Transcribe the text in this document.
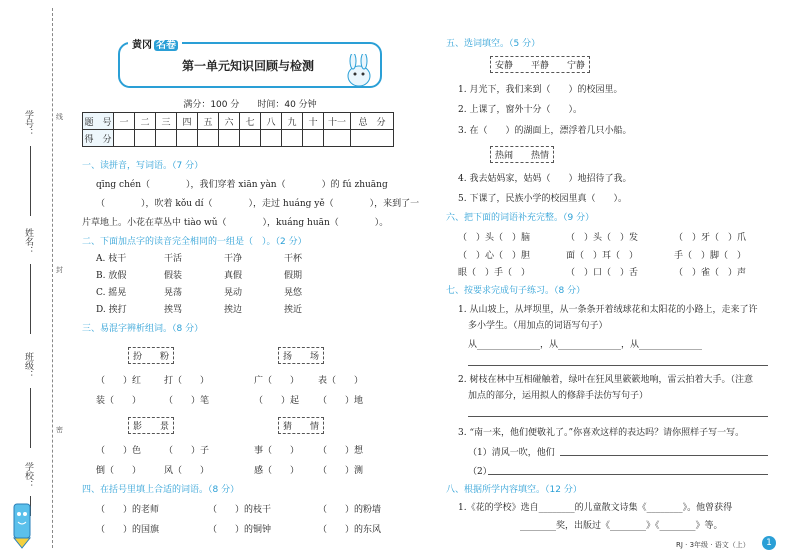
线
封
密
学号：
姓名：
班级：
学校：
黄冈 名卷
第一单元知识回顾与检测
满分：100 分　　时间：40 分钟
题　号	一	二	三	四	五	六	七	八	九	十	十一	总　分
得　分												
一、读拼音，写词语。（7 分）
qīng chén（　　　　），我们穿着 xiān yàn（　　　　）的 fú zhuāng
（　　　　），吹着 kǒu dí（　　　　），走过 huáng yě（　　　　），来到了一
片草地上。小花在草丛中 tiào wǔ（　　　　），kuáng huān（　　　　）。
二、下面加点字的读音完全相同的一组是（　）。（2 分）
A. 枝干	干活	干净	干杯
B. 放假	假装	真假	假期
C. 摇晃	晃荡	晃动	晃悠
D. 挨打	挨骂	挨边	挨近
三、易混字辨析组词。（8 分）
扮　　粉	扬　　场
（　　）红	打（　　）	广（　　） 表（　　）
装（　　）	（　　）笔	（　　）起 （　　）地
影　　景	猜　　情
（　　）色	（　　）子	事（　　） （　　）想
倒（　　）	风（　　）	感（　　） （　　）测
四、在括号里填上合适的词语。（8 分）
（　　）的老师	（　　）的枝干	（　　）的粉墙
（　　）的国旗	（　　）的铜钟	（　　）的东风
五、选词填空。（5 分）
安静　　平静　　宁静
1. 月光下，我们来到（　　）的校园里。
2. 上课了，窗外十分（　　）。
3. 在（　　）的湖面上，漂浮着几只小船。
热闹　　热情
4. 我去姑妈家，姑妈（　　）地招待了我。
5. 下课了，民族小学的校园里真（　　）。
六、把下面的词语补充完整。（9 分）
（　）头（　）脑	（　）头（　）发	（　）牙（　）爪
（　）心（　）胆	面（　）耳（　）	手（　）脚（　）
眼（　）手（　）	（　）口（　）舌	（　）雀（　）声
七、按要求完成句子练习。（8 分）
1. 从山坡上，从坪坝里，从一条条开着绒球花和太阳花的小路上，走来了许
多小学生。（用加点的词语写句子）
从______________，从______________，从______________
2. 树枝在林中互相碰触着，绿叶在狂风里簌簌地响，雷云拍着大手。（注意
加点的部分，运用拟人的修辞手法仿写句子）
3. “南一来，他们便敬礼了。”你喜欢这样的表达吗？请你照样子写一写。
（1）清风一吹，他们
（2）
八、根据所学内容填空。（12 分）
1.《花的学校》选自________的儿童散文诗集《________》。他曾获得
________奖，出版过《________》《________》等。
RJ · 3年级 · 语文（上）	1
